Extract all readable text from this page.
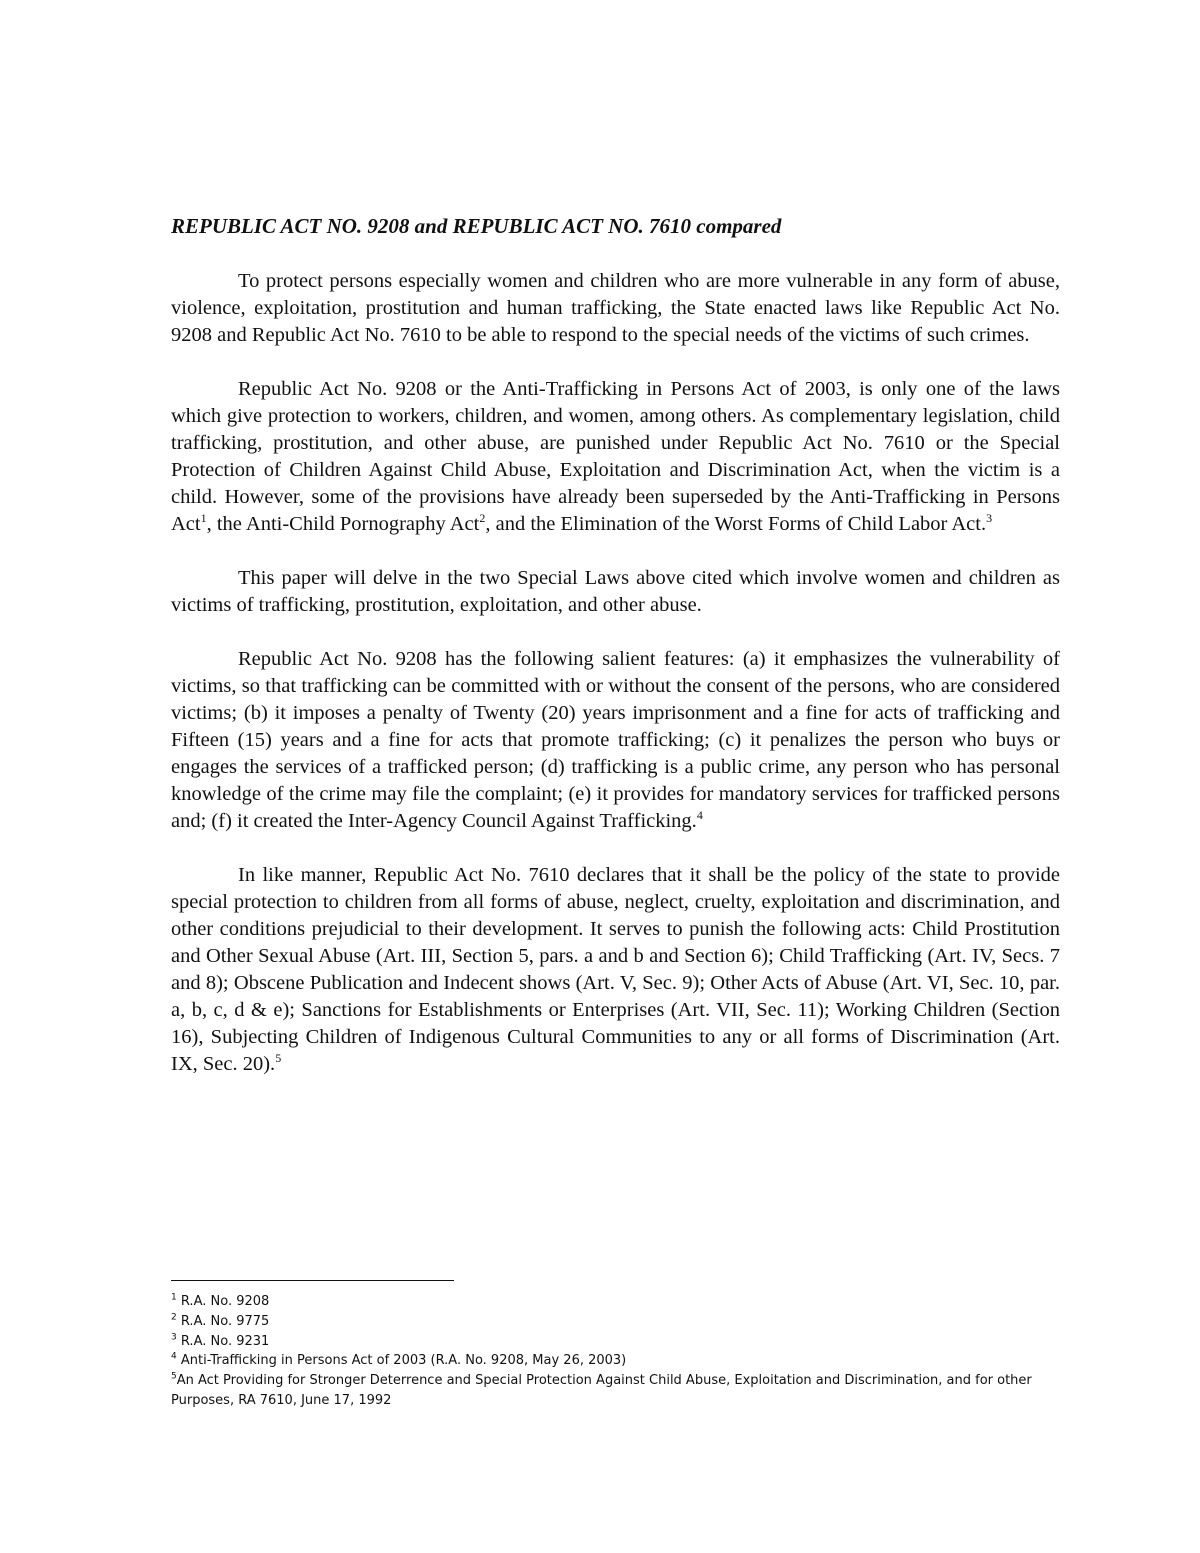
REPUBLIC ACT NO. 9208 and REPUBLIC ACT NO. 7610 compared

To protect persons especially women and children who are more vulnerable in any form of abuse, violence, exploitation, prostitution and human trafficking, the State enacted laws like Republic Act No. 9208 and Republic Act No. 7610 to be able to respond to the special needs of the victims of such crimes.

Republic Act No. 9208 or the Anti-Trafficking in Persons Act of 2003, is only one of the laws which give protection to workers, children, and women, among others. As complementary legislation, child trafficking, prostitution, and other abuse, are punished under Republic Act No. 7610 or the Special Protection of Children Against Child Abuse, Exploitation and Discrimination Act, when the victim is a child. However, some of the provisions have already been superseded by the Anti-Trafficking in Persons Act$^1$, the Anti-Child Pornography Act$^2$, and the Elimination of the Worst Forms of Child Labor Act.$^3$

This paper will delve in the two Special Laws above cited which involve women and children as victims of trafficking, prostitution, exploitation, and other abuse.

Republic Act No. 9208 has the following salient features: (a) it emphasizes the vulnerability of victims, so that trafficking can be committed with or without the consent of the persons, who are considered victims; (b) it imposes a penalty of Twenty (20) years imprisonment and a fine for acts of trafficking and Fifteen (15) years and a fine for acts that promote trafficking; (c) it penalizes the person who buys or engages the services of a trafficked person; (d) trafficking is a public crime, any person who has personal knowledge of the crime may file the complaint; (e) it provides for mandatory services for trafficked persons and; (f) it created the Inter-Agency Council Against Trafficking.$^4$

In like manner, Republic Act No. 7610 declares that it shall be the policy of the state to provide special protection to children from all forms of abuse, neglect, cruelty, exploitation and discrimination, and other conditions prejudicial to their development. It serves to punish the following acts: Child Prostitution and Other Sexual Abuse (Art. III, Section 5, pars. a and b and Section 6); Child Trafficking (Art. IV, Secs. 7 and 8); Obscene Publication and Indecent shows (Art. V, Sec. 9); Other Acts of Abuse (Art. VI, Sec. 10, par. a, b, c, d & e); Sanctions for Establishments or Enterprises (Art. VII, Sec. 11); Working Children (Section 16), Subjecting Children of Indigenous Cultural Communities to any or all forms of Discrimination (Art. IX, Sec. 20).$^5$

$^1$ R.A. No. 9208

$^2$ R.A. No. 9775

$^3$ R.A. No. 9231

$^4$ Anti-Trafficking in Persons Act of 2003 (R.A. No. 9208, May 26, 2003)

$^5$An Act Providing for Stronger Deterrence and Special Protection Against Child Abuse, Exploitation and Discrimination, and for other Purposes, RA 7610, June 17, 1992
